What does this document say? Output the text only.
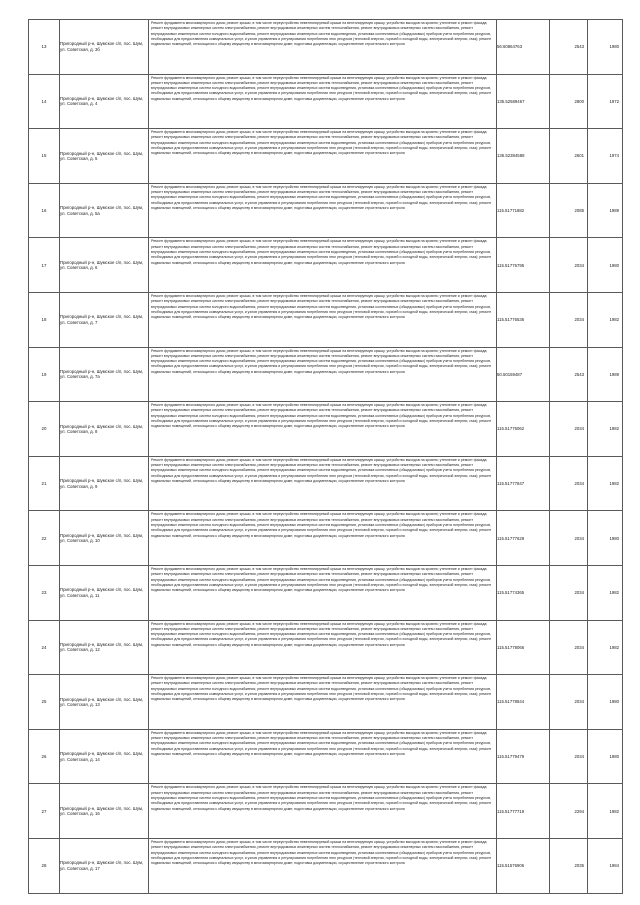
13	Пригородный р-н, Шумское с/п, пос. Шум, ул. Советская, д. 3б	Ремонт фундамента многоквартирного дома; ремонт крыши, в том числе переустройство невентилируемой крыши на вентилируемую крышу, устройство выходов на кровлю; утепление и ремонт фасада; ремонт внутридомовых инженерных систем электроснабжения, ремонт внутридомовых инженерных систем теплоснабжения, ремонт внутридомовых инженерных систем газоснабжения, ремонт внутридомовых инженерных систем холодного водоснабжения, ремонт внутридомовых инженерных систем водоотведения, установка коллективных (общедомовых) приборов учета потребления ресурсов, необходимых для предоставления коммунальных услуг, и узлов управления и регулирования потребления этих ресурсов (тепловой энергии, горячей и холодной воды, электрической энергии, газа); ремонт подвальных помещений, относящихся к общему имуществу в многоквартирном доме; подготовка документации, осуществление строительного контроля	56:60864763	2543	1980
14	Пригородный р-н, Шумское с/п, пос. Шум, ул. Советская, д. 4	Ремонт фундамента многоквартирного дома; ремонт крыши, в том числе переустройство невентилируемой крыши на вентилируемую крышу, устройство выходов на кровлю; утепление и ремонт фасада; ремонт внутридомовых инженерных систем электроснабжения, ремонт внутридомовых инженерных систем теплоснабжения, ремонт внутридомовых инженерных систем газоснабжения, ремонт внутридомовых инженерных систем холодного водоснабжения, ремонт внутридомовых инженерных систем водоотведения, установка коллективных (общедомовых) приборов учета потребления ресурсов, необходимых для предоставления коммунальных услуг, и узлов управления и регулирования потребления этих ресурсов (тепловой энергии, горячей и холодной воды, электрической энергии, газа); ремонт подвальных помещений, относящихся к общему имуществу в многоквартирном доме; подготовка документации, осуществление строительного контроля	135.52589467	2800	1972
15	Пригородный р-н, Шумское с/п, пос. Шум, ул. Советская, д. 5	Ремонт фундамента многоквартирного дома; ремонт крыши, в том числе переустройство невентилируемой крыши на вентилируемую крышу, устройство выходов на кровлю; утепление и ремонт фасада; ремонт внутридомовых инженерных систем электроснабжения, ремонт внутридомовых инженерных систем теплоснабжения, ремонт внутридомовых инженерных систем газоснабжения, ремонт внутридомовых инженерных систем холодного водоснабжения, ремонт внутридомовых инженерных систем водоотведения, установка коллективных (общедомовых) приборов учета потребления ресурсов, необходимых для предоставления коммунальных услуг, и узлов управления и регулирования потребления этих ресурсов (тепловой энергии, горячей и холодной воды, электрической энергии, газа); ремонт подвальных помещений, относящихся к общему имуществу в многоквартирном доме; подготовка документации, осуществление строительного контроля	136.52384588	2601	1974
16	Пригородный р-н, Шумское с/п, пос. Шум, ул. Советская, д. 5а	Ремонт фундамента многоквартирного дома; ремонт крыши, в том числе переустройство невентилируемой крыши на вентилируемую крышу, устройство выходов на кровлю; утепление и ремонт фасада; ремонт внутридомовых инженерных систем электроснабжения, ремонт внутридомовых инженерных систем теплоснабжения, ремонт внутридомовых инженерных систем газоснабжения, ремонт внутридомовых инженерных систем холодного водоснабжения, ремонт внутридомовых инженерных систем водоотведения, установка коллективных (общедомовых) приборов учета потребления ресурсов, необходимых для предоставления коммунальных услуг, и узлов управления и регулирования потребления этих ресурсов (тепловой энергии, горячей и холодной воды, электрической энергии, газа); ремонт подвальных помещений, относящихся к общему имуществу в многоквартирном доме; подготовка документации, осуществление строительного контроля	115.51771882	2085	1989
17	Пригородный р-н, Шумское с/п, пос. Шум, ул. Советская, д. 6	Ремонт фундамента многоквартирного дома; ремонт крыши, в том числе переустройство невентилируемой крыши на вентилируемую крышу, устройство выходов на кровлю; утепление и ремонт фасада; ремонт внутридомовых инженерных систем электроснабжения, ремонт внутридомовых инженерных систем теплоснабжения, ремонт внутридомовых инженерных систем газоснабжения, ремонт внутридомовых инженерных систем холодного водоснабжения, ремонт внутридомовых инженерных систем водоотведения, установка коллективных (общедомовых) приборов учета потребления ресурсов, необходимых для предоставления коммунальных услуг, и узлов управления и регулирования потребления этих ресурсов (тепловой энергии, горячей и холодной воды, электрической энергии, газа); ремонт подвальных помещений, относящихся к общему имуществу в многоквартирном доме; подготовка документации, осуществление строительного контроля	115.51776795	2034	1980
18	Пригородный р-н, Шумское с/п, пос. Шум, ул. Советская, д. 7	Ремонт фундамента многоквартирного дома; ремонт крыши, в том числе переустройство невентилируемой крыши на вентилируемую крышу, устройство выходов на кровлю; утепление и ремонт фасада; ремонт внутридомовых инженерных систем электроснабжения, ремонт внутридомовых инженерных систем теплоснабжения, ремонт внутридомовых инженерных систем газоснабжения, ремонт внутридомовых инженерных систем холодного водоснабжения, ремонт внутридомовых инженерных систем водоотведения, установка коллективных (общедомовых) приборов учета потребления ресурсов, необходимых для предоставления коммунальных услуг, и узлов управления и регулирования потребления этих ресурсов (тепловой энергии, горячей и холодной воды, электрической энергии, газа); ремонт подвальных помещений, относящихся к общему имуществу в многоквартирном доме; подготовка документации, осуществление строительного контроля	115.51776536	2034	1982
19	Пригородный р-н, Шумское с/п, пос. Шум, ул. Советская, д. 7а	Ремонт фундамента многоквартирного дома; ремонт крыши, в том числе переустройство невентилируемой крыши на вентилируемую крышу, устройство выходов на кровлю; утепление и ремонт фасада; ремонт внутридомовых инженерных систем электроснабжения, ремонт внутридомовых инженерных систем теплоснабжения, ремонт внутридомовых инженерных систем газоснабжения, ремонт внутридомовых инженерных систем холодного водоснабжения, ремонт внутридомовых инженерных систем водоотведения, установка коллективных (общедомовых) приборов учета потребления ресурсов, необходимых для предоставления коммунальных услуг, и узлов управления и регулирования потребления этих ресурсов (тепловой энергии, горячей и холодной воды, электрической энергии, газа); ремонт подвальных помещений, относящихся к общему имуществу в многоквартирном доме; подготовка документации, осуществление строительного контроля	50.50159487	2543	1989
20	Пригородный р-н, Шумское с/п, пос. Шум, ул. Советская, д. 8	Ремонт фундамента многоквартирного дома; ремонт крыши, в том числе переустройство невентилируемой крыши на вентилируемую крышу, устройство выходов на кровлю; утепление и ремонт фасада; ремонт внутридомовых инженерных систем электроснабжения, ремонт внутридомовых инженерных систем теплоснабжения, ремонт внутридомовых инженерных систем газоснабжения, ремонт внутридомовых инженерных систем холодного водоснабжения, ремонт внутридомовых инженерных систем водоотведения, установка коллективных (общедомовых) приборов учета потребления ресурсов, необходимых для предоставления коммунальных услуг, и узлов управления и регулирования потребления этих ресурсов (тепловой энергии, горячей и холодной воды, электрической энергии, газа); ремонт подвальных помещений, относящихся к общему имуществу в многоквартирном доме; подготовка документации, осуществление строительного контроля	115.51776062	2034	1982
21	Пригородный р-н, Шумское с/п, пос. Шум, ул. Советская, д. 9	Ремонт фундамента многоквартирного дома; ремонт крыши, в том числе переустройство невентилируемой крыши на вентилируемую крышу, устройство выходов на кровлю; утепление и ремонт фасада; ремонт внутридомовых инженерных систем электроснабжения, ремонт внутридомовых инженерных систем теплоснабжения, ремонт внутридомовых инженерных систем газоснабжения, ремонт внутридомовых инженерных систем холодного водоснабжения, ремонт внутридомовых инженерных систем водоотведения, установка коллективных (общедомовых) приборов учета потребления ресурсов, необходимых для предоставления коммунальных услуг, и узлов управления и регулирования потребления этих ресурсов (тепловой энергии, горячей и холодной воды, электрической энергии, газа); ремонт подвальных помещений, относящихся к общему имуществу в многоквартирном доме; подготовка документации, осуществление строительного контроля	115.51777847	2034	1982
22	Пригородный р-н, Шумское с/п, пос. Шум, ул. Советская, д. 10	Ремонт фундамента многоквартирного дома; ремонт крыши, в том числе переустройство невентилируемой крыши на вентилируемую крышу, устройство выходов на кровлю; утепление и ремонт фасада; ремонт внутридомовых инженерных систем электроснабжения, ремонт внутридомовых инженерных систем теплоснабжения, ремонт внутридомовых инженерных систем газоснабжения, ремонт внутридомовых инженерных систем холодного водоснабжения, ремонт внутридомовых инженерных систем водоотведения, установка коллективных (общедомовых) приборов учета потребления ресурсов, необходимых для предоставления коммунальных услуг, и узлов управления и регулирования потребления этих ресурсов (тепловой энергии, горячей и холодной воды, электрической энергии, газа); ремонт подвальных помещений, относящихся к общему имуществу в многоквартирном доме; подготовка документации, осуществление строительного контроля	115.51777629	2034	1980
23	Пригородный р-н, Шумское с/п, пос. Шум, ул. Советская, д. 11	Ремонт фундамента многоквартирного дома; ремонт крыши, в том числе переустройство невентилируемой крыши на вентилируемую крышу, устройство выходов на кровлю; утепление и ремонт фасада; ремонт внутридомовых инженерных систем электроснабжения, ремонт внутридомовых инженерных систем теплоснабжения, ремонт внутридомовых инженерных систем газоснабжения, ремонт внутридомовых инженерных систем холодного водоснабжения, ремонт внутридомовых инженерных систем водоотведения, установка коллективных (общедомовых) приборов учета потребления ресурсов, необходимых для предоставления коммунальных услуг, и узлов управления и регулирования потребления этих ресурсов (тепловой энергии, горячей и холодной воды, электрической энергии, газа); ремонт подвальных помещений, относящихся к общему имуществу в многоквартирном доме; подготовка документации, осуществление строительного контроля	115.51774365	2034	1982
24	Пригородный р-н, Шумское с/п, пос. Шум, ул. Советская, д. 12	Ремонт фундамента многоквартирного дома; ремонт крыши, в том числе переустройство невентилируемой крыши на вентилируемую крышу, устройство выходов на кровлю; утепление и ремонт фасада; ремонт внутридомовых инженерных систем электроснабжения, ремонт внутридомовых инженерных систем теплоснабжения, ремонт внутридомовых инженерных систем газоснабжения, ремонт внутридомовых инженерных систем холодного водоснабжения, ремонт внутридомовых инженерных систем водоотведения, установка коллективных (общедомовых) приборов учета потребления ресурсов, необходимых для предоставления коммунальных услуг, и узлов управления и регулирования потребления этих ресурсов (тепловой энергии, горячей и холодной воды, электрической энергии, газа); ремонт подвальных помещений, относящихся к общему имуществу в многоквартирном доме; подготовка документации, осуществление строительного контроля	115.51778066	2034	1982
25	Пригородный р-н, Шумское с/п, пос. Шум, ул. Советская, д. 13	Ремонт фундамента многоквартирного дома; ремонт крыши, в том числе переустройство невентилируемой крыши на вентилируемую крышу, устройство выходов на кровлю; утепление и ремонт фасада; ремонт внутридомовых инженерных систем электроснабжения, ремонт внутридомовых инженерных систем теплоснабжения, ремонт внутридомовых инженерных систем газоснабжения, ремонт внутридомовых инженерных систем холодного водоснабжения, ремонт внутридомовых инженерных систем водоотведения, установка коллективных (общедомовых) приборов учета потребления ресурсов, необходимых для предоставления коммунальных услуг, и узлов управления и регулирования потребления этих ресурсов (тепловой энергии, горячей и холодной воды, электрической энергии, газа); ремонт подвальных помещений, относящихся к общему имуществу в многоквартирном доме; подготовка документации, осуществление строительного контроля	115.51778844	2034	1980
26	Пригородный р-н, Шумское с/п, пос. Шум, ул. Советская, д. 14	Ремонт фундамента многоквартирного дома; ремонт крыши, в том числе переустройство невентилируемой крыши на вентилируемую крышу, устройство выходов на кровлю; утепление и ремонт фасада; ремонт внутридомовых инженерных систем электроснабжения, ремонт внутридомовых инженерных систем теплоснабжения, ремонт внутридомовых инженерных систем газоснабжения, ремонт внутридомовых инженерных систем холодного водоснабжения, ремонт внутридомовых инженерных систем водоотведения, установка коллективных (общедомовых) приборов учета потребления ресурсов, необходимых для предоставления коммунальных услуг, и узлов управления и регулирования потребления этих ресурсов (тепловой энергии, горячей и холодной воды, электрической энергии, газа); ремонт подвальных помещений, относящихся к общему имуществу в многоквартирном доме; подготовка документации, осуществление строительного контроля	115.51779479	2034	1980
27	Пригородный р-н, Шумское с/п, пос. Шум, ул. Советская, д. 16	Ремонт фундамента многоквартирного дома; ремонт крыши, в том числе переустройство невентилируемой крыши на вентилируемую крышу, устройство выходов на кровлю; утепление и ремонт фасада; ремонт внутридомовых инженерных систем электроснабжения, ремонт внутридомовых инженерных систем теплоснабжения, ремонт внутридомовых инженерных систем газоснабжения, ремонт внутридомовых инженерных систем холодного водоснабжения, ремонт внутридомовых инженерных систем водоотведения, установка коллективных (общедомовых) приборов учета потребления ресурсов, необходимых для предоставления коммунальных услуг, и узлов управления и регулирования потребления этих ресурсов (тепловой энергии, горячей и холодной воды, электрической энергии, газа); ремонт подвальных помещений, относящихся к общему имуществу в многоквартирном доме; подготовка документации, осуществление строительного контроля	115.51777719	2294	1982
28	Пригородный р-н, Шумское с/п, пос. Шум, ул. Советская, д. 17	Ремонт фундамента многоквартирного дома; ремонт крыши, в том числе переустройство невентилируемой крыши на вентилируемую крышу, устройство выходов на кровлю; утепление и ремонт фасада; ремонт внутридомовых инженерных систем электроснабжения, ремонт внутридомовых инженерных систем теплоснабжения, ремонт внутридомовых инженерных систем газоснабжения, ремонт внутридомовых инженерных систем холодного водоснабжения, ремонт внутридомовых инженерных систем водоотведения, установка коллективных (общедомовых) приборов учета потребления ресурсов, необходимых для предоставления коммунальных услуг, и узлов управления и регулирования потребления этих ресурсов (тепловой энергии, горячей и холодной воды, электрической энергии, газа); ремонт подвальных помещений, относящихся к общему имуществу в многоквартирном доме; подготовка документации, осуществление строительного контроля	115.51576906	2035	1984
